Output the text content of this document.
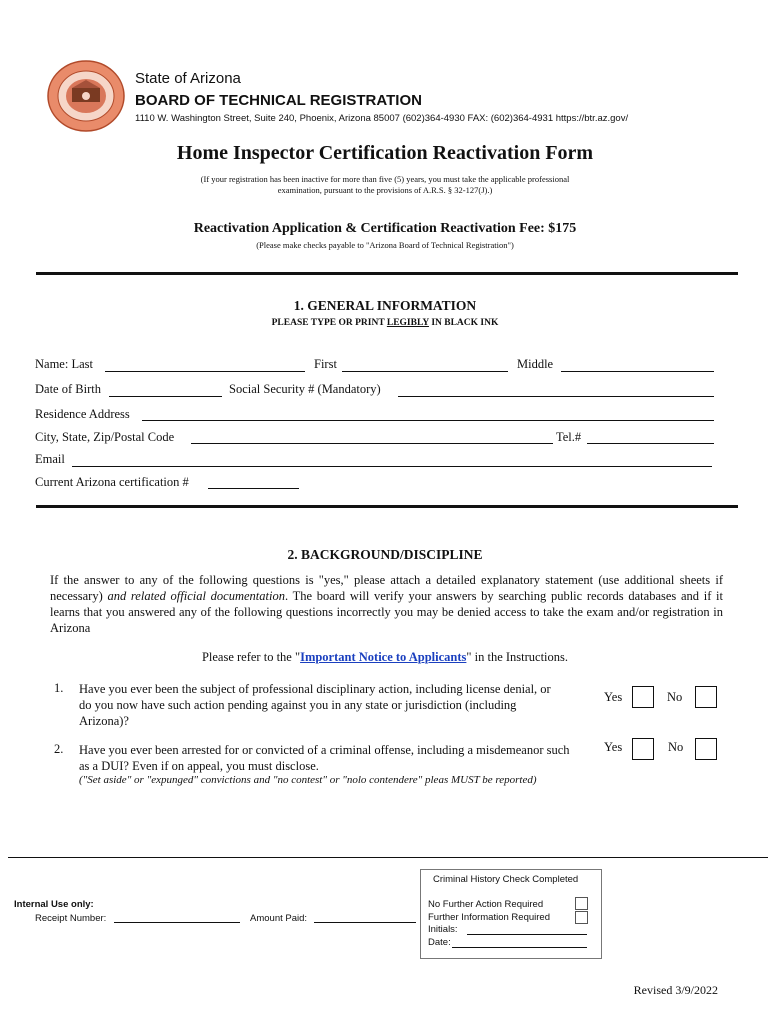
State of Arizona
BOARD OF TECHNICAL REGISTRATION
1110 W. Washington Street, Suite 240, Phoenix, Arizona 85007 (602)364-4930 FAX: (602)364-4931 https://btr.az.gov/
Home Inspector Certification Reactivation Form
(If your registration has been inactive for more than five (5) years, you must take the applicable professional
examination, pursuant to the provisions of A.R.S. § 32-127(J).)
Reactivation Application & Certification Reactivation Fee: $175
(Please make checks payable to "Arizona Board of Technical Registration")
1. GENERAL INFORMATION
PLEASE TYPE OR PRINT LEGIBLY IN BLACK INK
Name: Last	First	Middle
Date of Birth	Social Security # (Mandatory)
Residence Address
City, State, Zip/Postal Code	Tel.#
Email
Current Arizona certification #
2. BACKGROUND/DISCIPLINE
If the answer to any of the following questions is "yes," please attach a detailed explanatory statement (use additional sheets if necessary) and related official documentation. The board will verify your answers by searching public records databases and if it learns that you answered any of the following questions incorrectly you may be denied access to take the exam and/or registration in Arizona
Please refer to the "Important Notice to Applicants" in the Instructions.
1. Have you ever been the subject of professional disciplinary action, including license denial, or do you now have such action pending against you in any state or jurisdiction (including Arizona)?
Yes	No
2. Have you ever been arrested for or convicted of a criminal offense, including a misdemeanor such as a DUI? Even if on appeal, you must disclose.
("Set aside" or "expunged" convictions and "no contest" or "nolo contendere" pleas MUST be reported)
Yes	No
Internal Use only:
Receipt Number:	Amount Paid:
Criminal History Check Completed
No Further Action Required
Further Information Required
Initials:
Date:
Revised 3/9/2022
